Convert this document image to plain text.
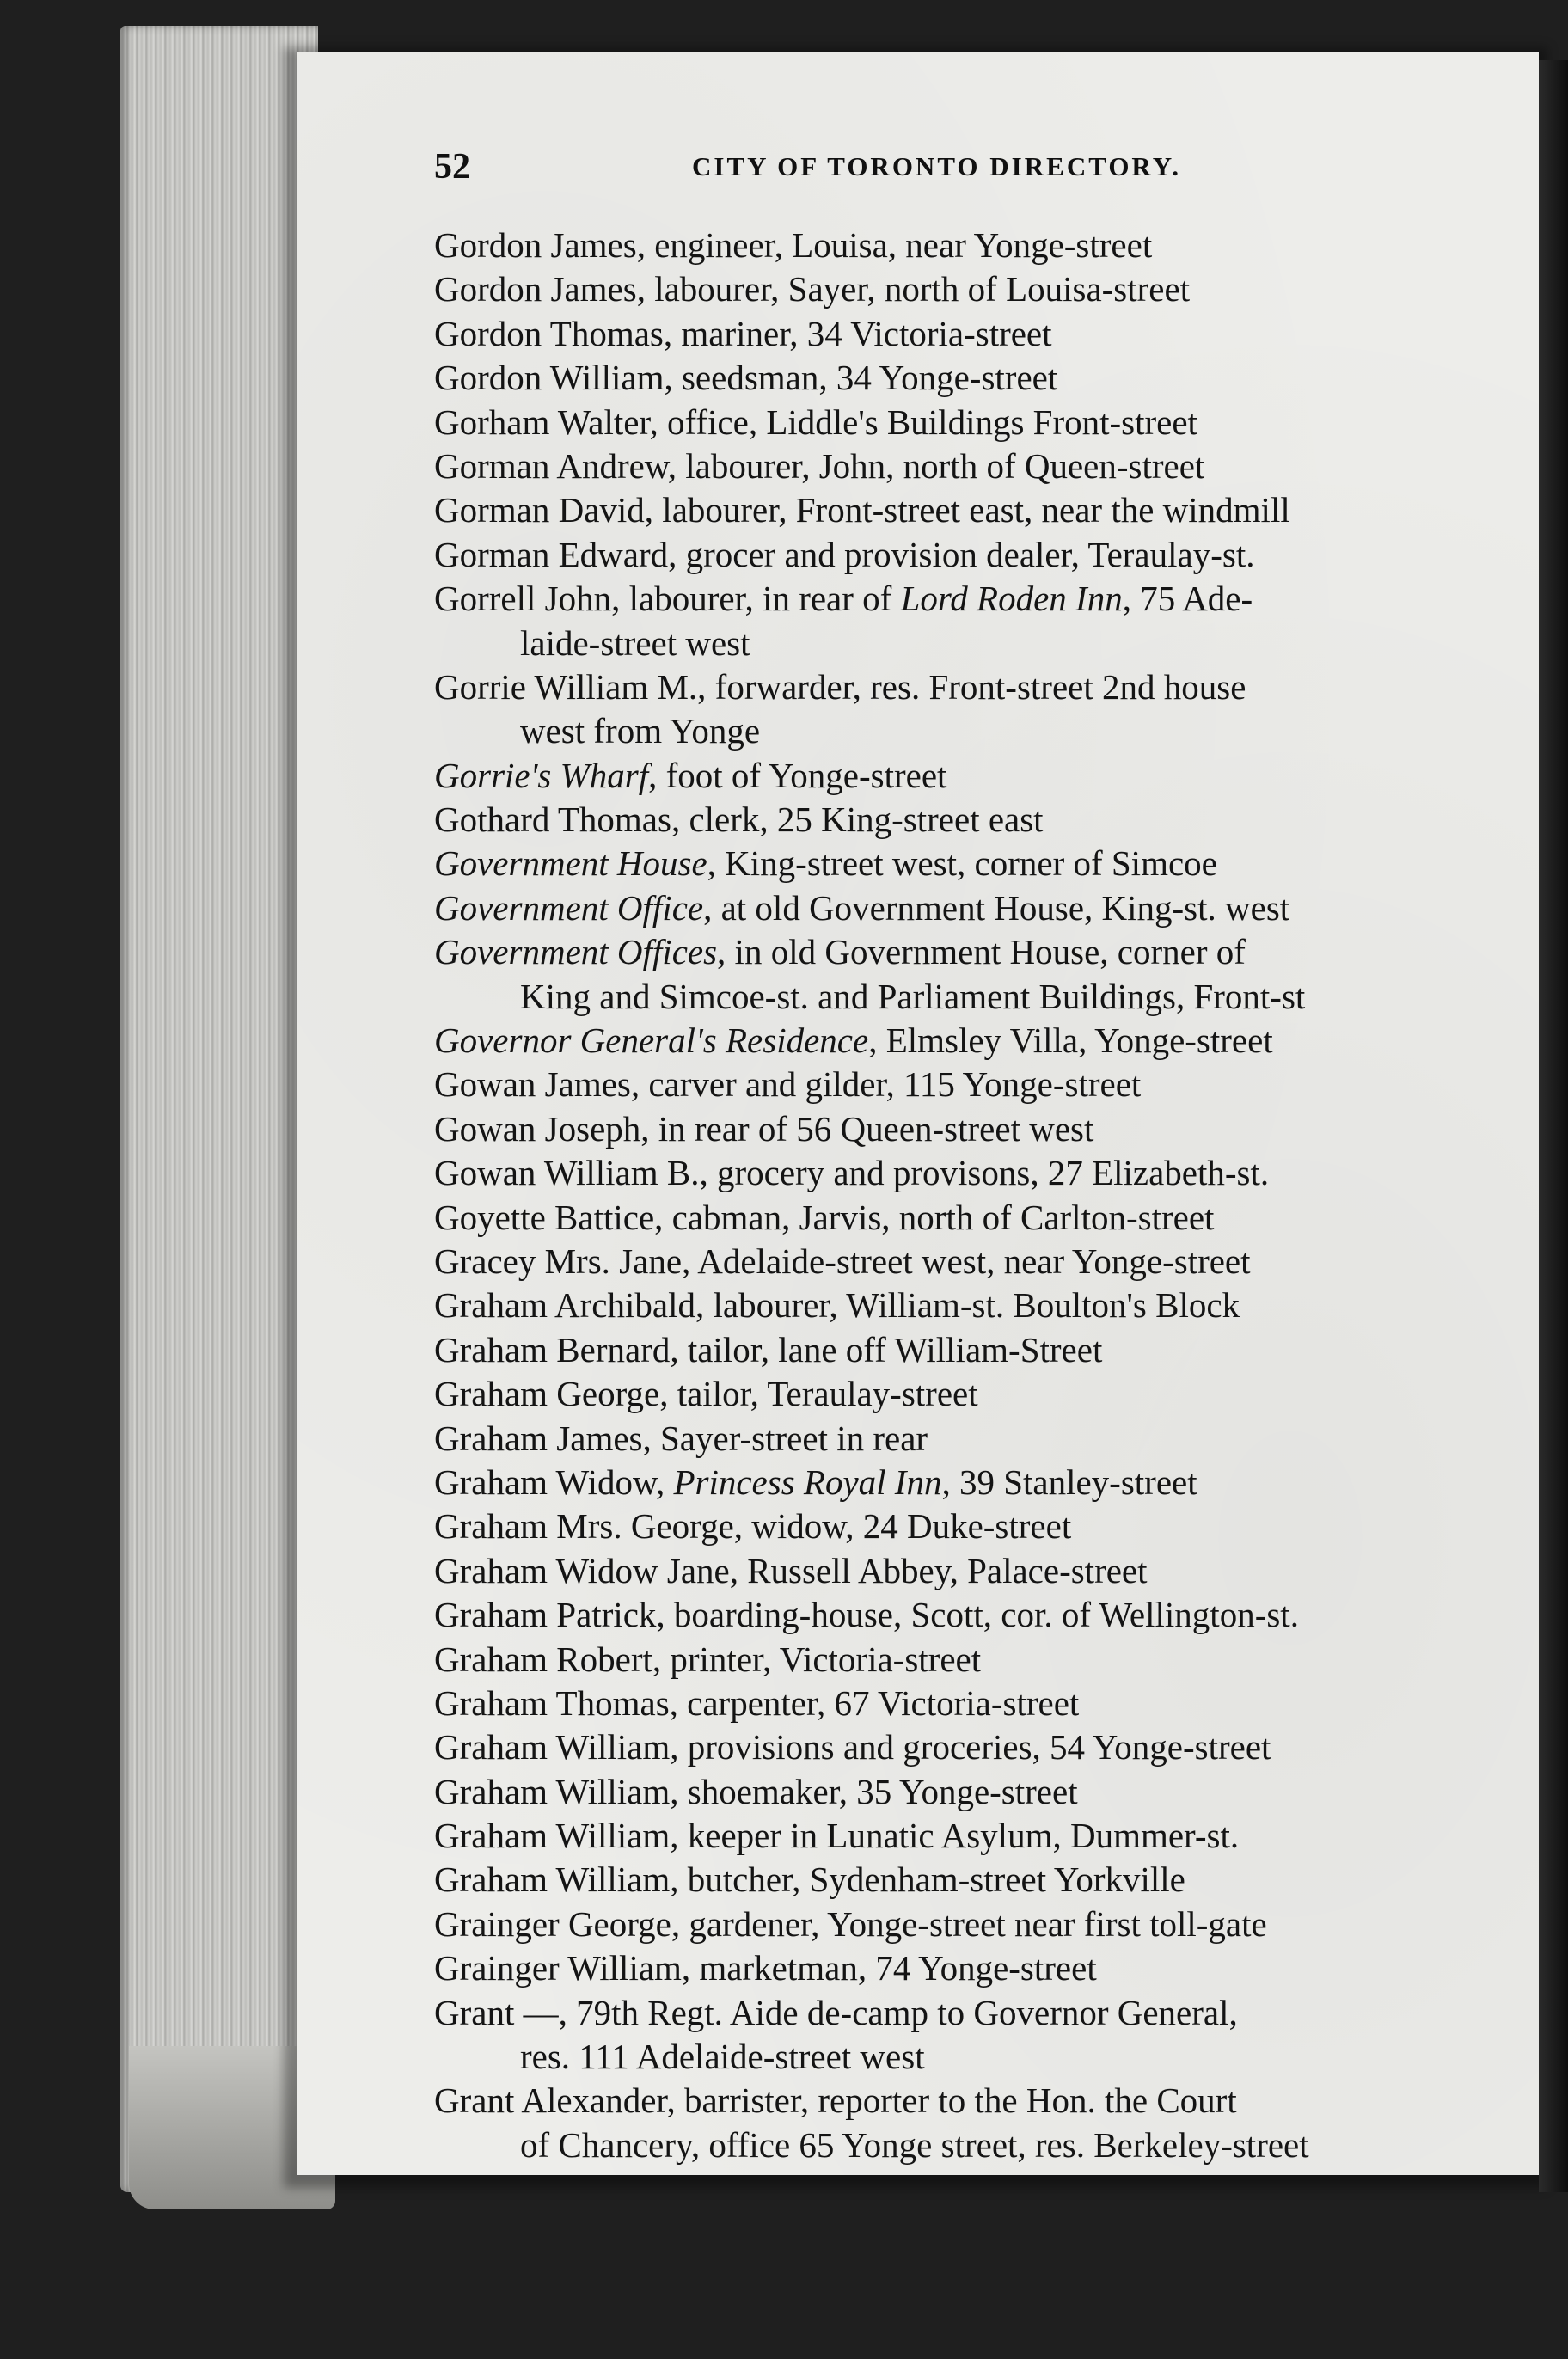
52	CITY OF TORONTO DIRECTORY.
Gordon James, engineer, Louisa, near Yonge-street
Gordon James, labourer, Sayer, north of Louisa-street
Gordon Thomas, mariner, 34 Victoria-street
Gordon William, seedsman, 34 Yonge-street
Gorham Walter, office, Liddle's Buildings Front-street
Gorman Andrew, labourer, John, north of Queen-street
Gorman David, labourer, Front-street east, near the windmill
Gorman Edward, grocer and provision dealer, Teraulay-st.
Gorrell John, labourer, in rear of Lord Roden Inn, 75 Ade-
laide-street west
Gorrie William M., forwarder, res. Front-street 2nd house
west from Yonge
Gorrie's Wharf, foot of Yonge-street
Gothard Thomas, clerk, 25 King-street east
Government House, King-street west, corner of Simcoe
Government Office, at old Government House, King-st. west
Government Offices, in old Government House, corner of
King and Simcoe-st. and Parliament Buildings, Front-st
Governor General's Residence, Elmsley Villa, Yonge-street
Gowan James, carver and gilder, 115 Yonge-street
Gowan Joseph, in rear of 56 Queen-street west
Gowan William B., grocery and provisons, 27 Elizabeth-st.
Goyette Battice, cabman, Jarvis, north of Carlton-street
Gracey Mrs. Jane, Adelaide-street west, near Yonge-street
Graham Archibald, labourer, William-st. Boulton's Block
Graham Bernard, tailor, lane off William-Street
Graham George, tailor, Teraulay-street
Graham James, Sayer-street in rear
Graham Widow, Princess Royal Inn, 39 Stanley-street
Graham Mrs. George, widow, 24 Duke-street
Graham Widow Jane, Russell Abbey, Palace-street
Graham Patrick, boarding-house, Scott, cor. of Wellington-st.
Graham Robert, printer, Victoria-street
Graham Thomas, carpenter, 67 Victoria-street
Graham William, provisions and groceries, 54 Yonge-street
Graham William, shoemaker, 35 Yonge-street
Graham William, keeper in Lunatic Asylum, Dummer-st.
Graham William, butcher, Sydenham-street Yorkville
Grainger George, gardener, Yonge-street near first toll-gate
Grainger William, marketman, 74 Yonge-street
Grant —, 79th Regt. Aide de-camp to Governor General,
res. 111 Adelaide-street west
Grant Alexander, barrister, reporter to the Hon. the Court
of Chancery, office 65 Yonge street, res. Berkeley-street
